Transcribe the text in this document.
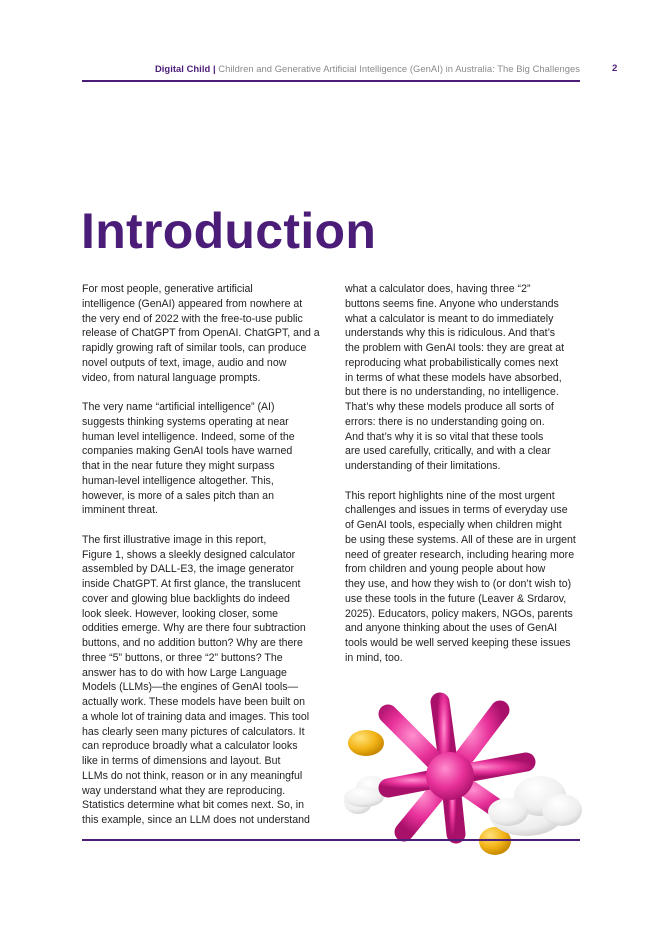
Digital Child | Children and Generative Artificial Intelligence (GenAI) in Australia: The Big Challenges	2
Introduction

For most people, generative artificial
intelligence (GenAI) appeared from nowhere at
the very end of 2022 with the free-to-use public
release of ChatGPT from OpenAI. ChatGPT, and a
rapidly growing raft of similar tools, can produce
novel outputs of text, image, audio and now
video, from natural language prompts.

The very name “artificial intelligence” (AI)
suggests thinking systems operating at near
human level intelligence. Indeed, some of the
companies making GenAI tools have warned
that in the near future they might surpass
human-level intelligence altogether. This,
however, is more of a sales pitch than an
imminent threat.

The first illustrative image in this report,
Figure 1, shows a sleekly designed calculator
assembled by DALL-E3, the image generator
inside ChatGPT. At first glance, the translucent
cover and glowing blue backlights do indeed
look sleek. However, looking closer, some
oddities emerge. Why are there four subtraction
buttons, and no addition button? Why are there
three “5” buttons, or three “2” buttons? The
answer has to do with how Large Language
Models (LLMs)—the engines of GenAI tools—
actually work. These models have been built on
a whole lot of training data and images. This tool
has clearly seen many pictures of calculators. It
can reproduce broadly what a calculator looks
like in terms of dimensions and layout. But
LLMs do not think, reason or in any meaningful
way understand what they are reproducing.
Statistics determine what bit comes next. So, in
this example, since an LLM does not understand

what a calculator does, having three “2”
buttons seems fine. Anyone who understands
what a calculator is meant to do immediately
understands why this is ridiculous. And that’s
the problem with GenAI tools: they are great at
reproducing what probabilistically comes next
in terms of what these models have absorbed,
but there is no understanding, no intelligence.
That’s why these models produce all sorts of
errors: there is no understanding going on.
And that’s why it is so vital that these tools
are used carefully, critically, and with a clear
understanding of their limitations.

This report highlights nine of the most urgent
challenges and issues in terms of everyday use
of GenAI tools, especially when children might
be using these systems. All of these are in urgent
need of greater research, including hearing more
from children and young people about how
they use, and how they wish to (or don’t wish to)
use these tools in the future (Leaver & Srdarov,
2025). Educators, policy makers, NGOs, parents
and anyone thinking about the uses of GenAI
tools would be well served keeping these issues
in mind, too.
